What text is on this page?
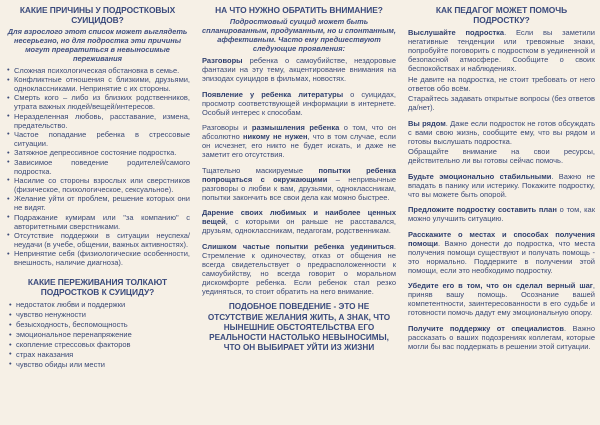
КАКИЕ ПРИЧИНЫ У ПОДРОСТКОВЫХ СУИЦИДОВ?

Для взрослого этот список может выглядеть несерьезно, но для подростка эти причины могут превратиться в невыносимые переживания

• Сложная психологическая обстановка в семье.
• Конфликтные отношения с близкими, друзьями, одноклассниками. Непринятие с их стороны.
• Смерть кого – либо из близких родственников, утрата важных людей/вещей/интересов.
• Неразделенная любовь, расставание, измена, предательство.
• Частое попадание ребенка в стрессовые ситуации.
• Затяжное депрессивное состояние подростка.
• Зависимое поведение родителей/самого подростка.
• Насилие со стороны взрослых или сверстников (физическое, психологическое, сексуальное).
• Желание уйти от проблем, решение которых они не видят.
• Подражание кумирам или "за компанию" с авторитетными сверстниками.
• Отсутствие поддержки в ситуации неуспеха/неудачи (в учебе, общении, важных активностях).
• Непринятие себя (физиологические особенности, внешность, наличие диагноза).
КАКИЕ ПЕРЕЖИВАНИЯ ТОЛКАЮТ ПОДРОСТКОВ К СУИЦИДУ?
• недостаток любви и поддержки
• чувство ненужности
• безысходность, беспомощность
• эмоциональное перенапряжение
• скопление стрессовых факторов
• страх наказания
• чувство обиды или мести
НА ЧТО НУЖНО ОБРАТИТЬ ВНИМАНИЕ?

Подростковый суицид может быть спланированным, продуманным, но и спонтанным, аффективным. Часто ему предшествуют следующие проявления:

Разговоры ребенка о самоубийстве, нездоровые фантазии на эту тему, акцентирование внимания на эпизодах суицидов в фильмах, новостях.

Появление у ребенка литературы о суицидах, просмотр соответствующей информации в интернете. Особый интерес к способам.

Разговоры и размышления ребенка о том, что он абсолютно никому не нужен, что в том случае, если он исчезнет, его никто не будет искать, и даже не заметит его отсутствия.

Тщательно маскируемые попытки ребенка попрощаться с окружающими – непривычные разговоры о любви к вам, друзьями, одноклассникам, попытки закончить все свои дела как можно быстрее.

Дарение своих любимых и наиболее ценных вещей, с которыми он раньше не расставался, друзьям, одноклассникам, педагогам, родственникам.

Слишком частые попытки ребенка уединиться. Стремление к одиночеству, отказ от общения не всегда свидетельствует о предрасположенности к самоубийству, но всегда говорит о моральном дискомфорте ребенка. Если ребенок стал резко уединяться, то стоит обратить на него внимание.

ПОДОБНОЕ ПОВЕДЕНИЕ - ЭТО НЕ ОТСУТСТВИЕ ЖЕЛАНИЯ ЖИТЬ, А ЗНАК, ЧТО НЫНЕШНИЕ ОБСТОЯТЕЛЬСТВА ЕГО РЕАЛЬНОСТИ НАСТОЛЬКО НЕВЫНОСИМЫ, ЧТО ОН ВЫБИРАЕТ УЙТИ ИЗ ЖИЗНИ
КАК ПЕДАГОГ МОЖЕТ ПОМОЧЬ ПОДРОСТКУ?

Выслушайте подростка. Если вы заметили негативные тенденции или тревожные знаки, попробуйте поговорить с подростком в уединенной и безопасной атмосфере. Сообщите о своих беспокойствах и наблюдениях.

Не давите на подростка, не стоит требовать от него ответов обо всём.

Старайтесь задавать открытые вопросы (без ответов да/нет).

Вы рядом. Даже если подросток не готов обсуждать с вами свою жизнь, сообщите ему, что вы рядом и готовы выслушать подростка.

Обращайте внимание на свои ресурсы, действительно ли вы готовы сейчас помочь.

Будьте эмоционально стабильными. Важно не впадать в панику или истерику. Покажите подростку, что вы можете быть опорой.

Предложите подростку составить план о том, как можно улучшить ситуацию.

Расскажите о местах и способах получения помощи. Важно донести до подростка, что места получения помощи существуют и получать помощь - это нормально. Поддержите в получении этой помощи, если это необходимо подростку.

Убедите его в том, что он сделал верный шаг, приняв вашу помощь. Осознание вашей компетентности, заинтересованности в его судьбе и готовности помочь дадут ему эмоциональную опору.

Получите поддержку от специалистов. Важно рассказать о ваших подозрениях коллегам, которые могли бы вас поддержать в решении этой ситуации.
